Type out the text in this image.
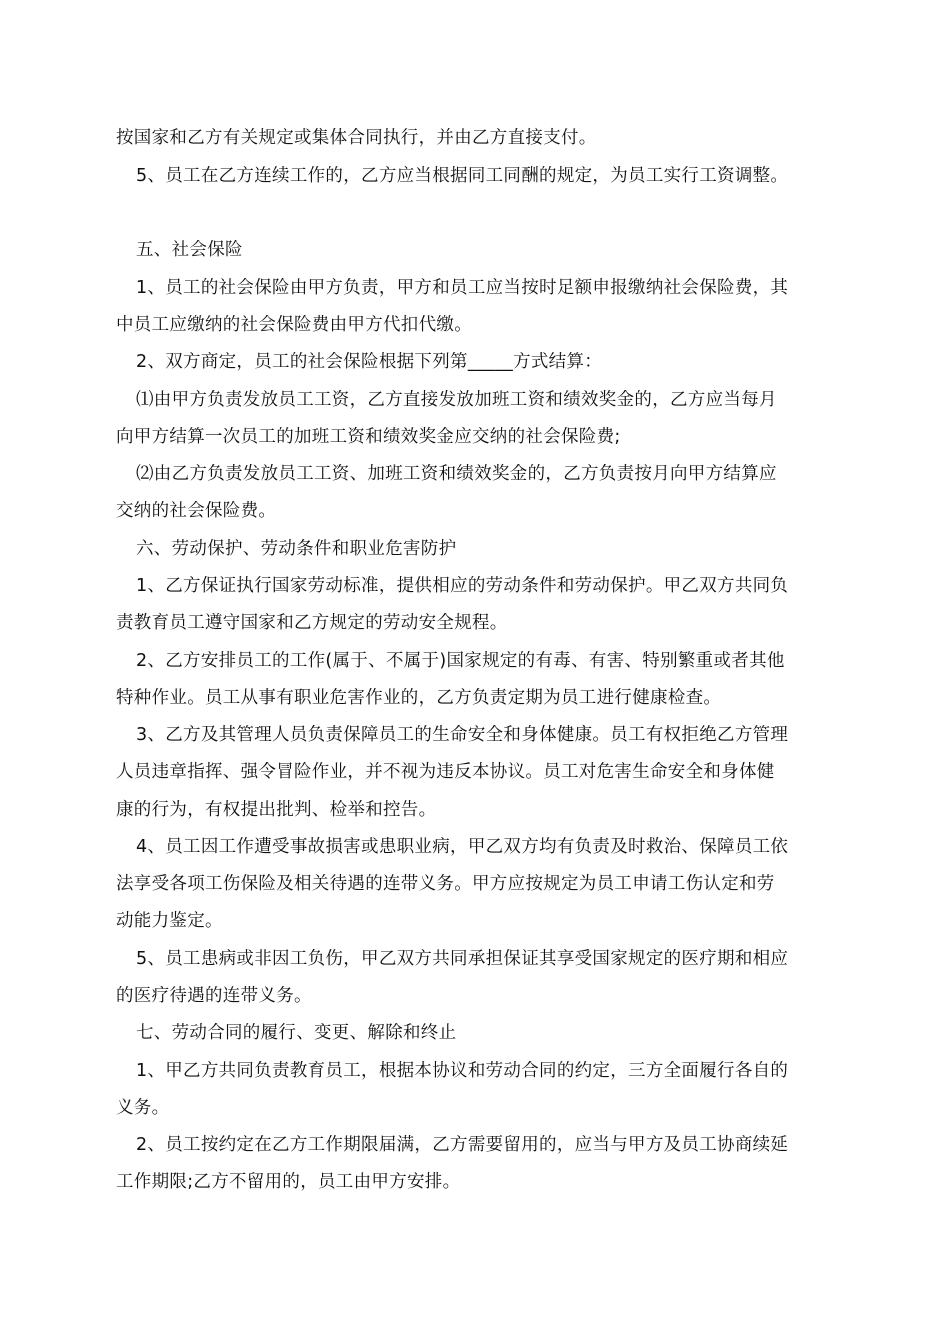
按国家和乙方有关规定或集体合同执行，并由乙方直接支付。
5、员工在乙方连续工作的，乙方应当根据同工同酬的规定，为员工实行工资调整。
五、社会保险
1、员工的社会保险由甲方负责，甲方和员工应当按时足额申报缴纳社会保险费，其
中员工应缴纳的社会保险费由甲方代扣代缴。
2、双方商定，员工的社会保险根据下列第_____方式结算：
⑴由甲方负责发放员工工资，乙方直接发放加班工资和绩效奖金的，乙方应当每月
向甲方结算一次员工的加班工资和绩效奖金应交纳的社会保险费;
⑵由乙方负责发放员工工资、加班工资和绩效奖金的，乙方负责按月向甲方结算应
交纳的社会保险费。
六、劳动保护、劳动条件和职业危害防护
1、乙方保证执行国家劳动标准，提供相应的劳动条件和劳动保护。甲乙双方共同负
责教育员工遵守国家和乙方规定的劳动安全规程。
2、乙方安排员工的工作(属于、不属于)国家规定的有毒、有害、特别繁重或者其他
特种作业。员工从事有职业危害作业的，乙方负责定期为员工进行健康检查。
3、乙方及其管理人员负责保障员工的生命安全和身体健康。员工有权拒绝乙方管理
人员违章指挥、强令冒险作业，并不视为违反本协议。员工对危害生命安全和身体健
康的行为，有权提出批判、检举和控告。
4、员工因工作遭受事故损害或患职业病，甲乙双方均有负责及时救治、保障员工依
法享受各项工伤保险及相关待遇的连带义务。甲方应按规定为员工申请工伤认定和劳
动能力鉴定。
5、员工患病或非因工负伤，甲乙双方共同承担保证其享受国家规定的医疗期和相应
的医疗待遇的连带义务。
七、劳动合同的履行、变更、解除和终止
1、甲乙方共同负责教育员工，根据本协议和劳动合同的约定，三方全面履行各自的
义务。
2、员工按约定在乙方工作期限届满，乙方需要留用的，应当与甲方及员工协商续延
工作期限;乙方不留用的，员工由甲方安排。
